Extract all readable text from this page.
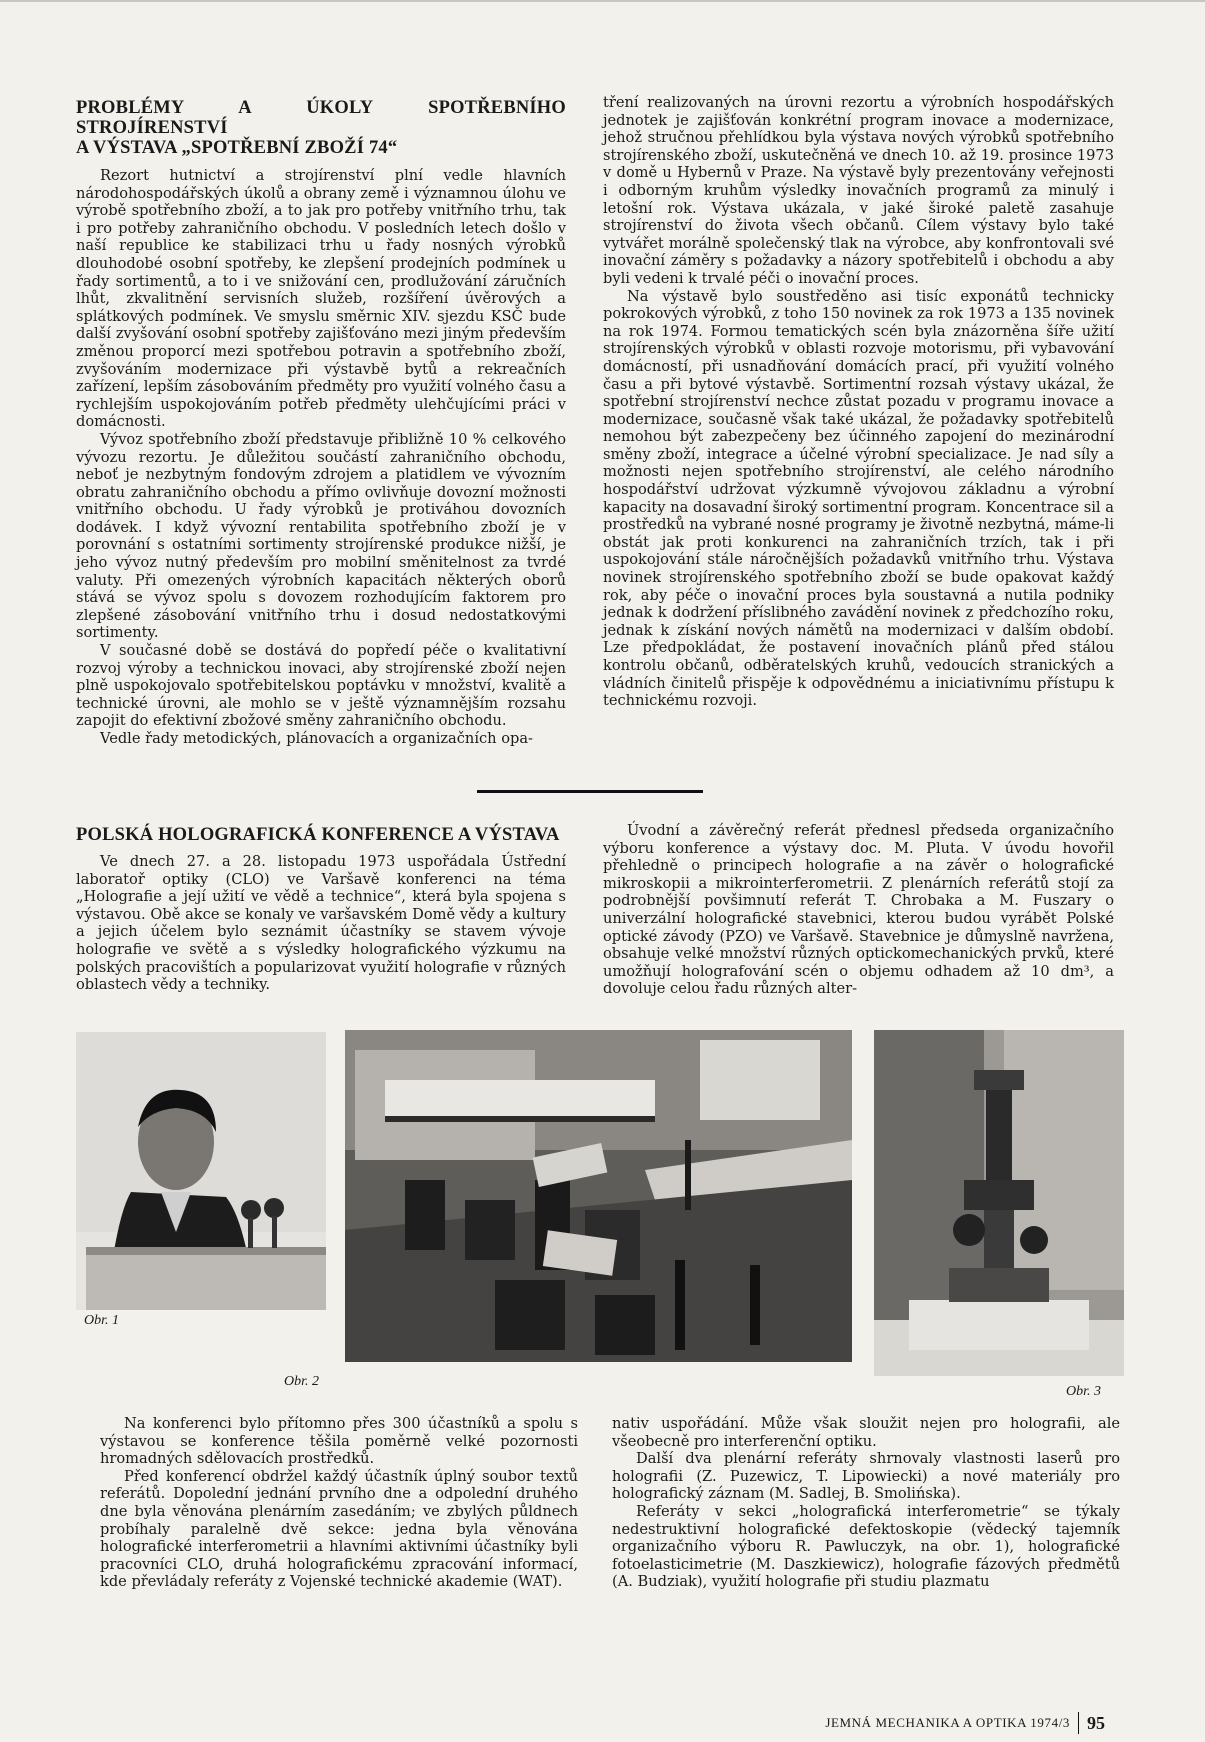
PROBLÉMY A ÚKOLY SPOTŘEBNÍHO STROJÍRENSTVÍ
A VÝSTAVA „SPOTŘEBNÍ ZBOŽÍ 74“

Rezort hutnictví a strojírenství plní vedle hlavních národohospodářských úkolů a obrany země i významnou úlohu ve výrobě spotřebního zboží, a to jak pro potřeby vnitřního trhu, tak i pro potřeby zahraničního obchodu. V posledních letech došlo v naší republice ke stabilizaci trhu u řady nosných výrobků dlouhodobé osobní spotřeby, ke zlepšení prodejních podmínek u řady sortimentů, a to i ve snižování cen, prodlužování záručních lhůt, zkvalitnění servisních služeb, rozšíření úvěrových a splátkových podmínek. Ve smyslu směrnic XIV. sjezdu KSČ bude další zvyšování osobní spotřeby zajišťováno mezi jiným především změnou proporcí mezi spotřebou potravin a spotřebního zboží, zvyšováním modernizace při výstavbě bytů a rekreačních zařízení, lepším zásobováním předměty pro využití volného času a rychlejším uspokojováním potřeb předměty ulehčujícími práci v domácnosti.

Vývoz spotřebního zboží představuje přibližně 10 % celkového vývozu rezortu. Je důležitou součástí zahraničního obchodu, neboť je nezbytným fondovým zdrojem a platidlem ve vývozním obratu zahraničního obchodu a přímo ovlivňuje dovozní možnosti vnitřního obchodu. U řady výrobků je protiváhou dovozních dodávek. I když vývozní rentabilita spotřebního zboží je v porovnání s ostatními sortimenty strojírenské produkce nižší, je jeho vývoz nutný především pro mobilní směnitelnost za tvrdé valuty. Při omezených výrobních kapacitách některých oborů stává se vývoz spolu s dovozem rozhodujícím faktorem pro zlepšené zásobování vnitřního trhu i dosud nedostatkovými sortimenty.

V současné době se dostává do popředí péče o kvalitativní rozvoj výroby a technickou inovaci, aby strojírenské zboží nejen plně uspokojovalo spotřebitelskou poptávku v množství, kvalitě a technické úrovni, ale mohlo se v ještě významnějším rozsahu zapojit do efektivní zbožové směny zahraničního obchodu.

Vedle řady metodických, plánovacích a organizačních opa-

tření realizovaných na úrovni rezortu a výrobních hospodářských jednotek je zajišťován konkrétní program inovace a modernizace, jehož stručnou přehlídkou byla výstava nových výrobků spotřebního strojírenského zboží, uskutečněná ve dnech 10. až 19. prosince 1973 v domě u Hybernů v Praze. Na výstavě byly prezentovány veřejnosti i odborným kruhům výsledky inovačních programů za minulý i letošní rok. Výstava ukázala, v jaké široké paletě zasahuje strojírenství do života všech občanů. Cílem výstavy bylo také vytvářet morálně společenský tlak na výrobce, aby konfrontovali své inovační záměry s požadavky a názory spotřebitelů i obchodu a aby byli vedeni k trvalé péči o inovační proces.

Na výstavě bylo soustředěno asi tisíc exponátů technicky pokrokových výrobků, z toho 150 novinek za rok 1973 a 135 novinek na rok 1974. Formou tematických scén byla znázorněna šíře užití strojírenských výrobků v oblasti rozvoje motorismu, při vybavování domácností, při usnadňování domácích prací, při využití volného času a při bytové výstavbě. Sortimentní rozsah výstavy ukázal, že spotřební strojírenství nechce zůstat pozadu v programu inovace a modernizace, současně však také ukázal, že požadavky spotřebitelů nemohou být zabezpečeny bez účinného zapojení do mezinárodní směny zboží, integrace a účelné výrobní specializace. Je nad síly a možnosti nejen spotřebního strojírenství, ale celého národního hospodářství udržovat výzkumně vývojovou základnu a výrobní kapacity na dosavadní široký sortimentní program. Koncentrace sil a prostředků na vybrané nosné programy je životně nezbytná, máme-li obstát jak proti konkurenci na zahraničních trzích, tak i při uspokojování stále náročnějších požadavků vnitřního trhu. Výstava novinek strojírenského spotřebního zboží se bude opakovat každý rok, aby péče o inovační proces byla soustavná a nutila podniky jednak k dodržení příslibného zavádění novinek z předchozího roku, jednak k získání nových námětů na modernizaci v dalším období. Lze předpokládat, že postavení inovačních plánů před stálou kontrolu občanů, odběratelských kruhů, vedoucích stranických a vládních činitelů přispěje k odpovědnému a iniciativnímu přístupu k technickému rozvoji.

POLSKÁ HOLOGRAFICKÁ KONFERENCE A VÝSTAVA

Ve dnech 27. a 28. listopadu 1973 uspořádala Ústřední laboratoř optiky (CLO) ve Varšavě konferenci na téma „Holografie a její užití ve vědě a technice“, která byla spojena s výstavou. Obě akce se konaly ve varšavském Domě vědy a kultury a jejich účelem bylo seznámit účastníky se stavem vývoje holografie ve světě a s výsledky holografického výzkumu na polských pracovištích a popularizovat využití holografie v různých oblastech vědy a techniky.

Úvodní a závěrečný referát přednesl předseda organizačního výboru konference a výstavy doc. M. Pluta. V úvodu hovořil přehledně o principech holografie a na závěr o holografické mikroskopii a mikrointerferometrii. Z plenárních referátů stojí za podrobnější povšimnutí referát T. Chrobaka a M. Fuszary o univerzální holografické stavebnici, kterou budou vyrábět Polské optické závody (PZO) ve Varšavě. Stavebnice je důmyslně navržena, obsahuje velké množství různých optickomechanických prvků, které umožňují holografování scén o objemu odhadem až 10 dm³, a dovoluje celou řadu různých alter-

Obr. 1
Obr. 2
Obr. 3

Na konferenci bylo přítomno přes 300 účastníků a spolu s výstavou se konference těšila poměrně velké pozornosti hromadných sdělovacích prostředků.

Před konferencí obdržel každý účastník úplný soubor textů referátů. Dopolední jednání prvního dne a odpolední druhého dne byla věnována plenárním zasedáním; ve zbylých půldnech probíhaly paralelně dvě sekce: jedna byla věnována holografické interferometrii a hlavními aktivními účastníky byli pracovníci CLO, druhá holografickému zpracování informací, kde převládaly referáty z Vojenské technické akademie (WAT).

nativ uspořádání. Může však sloužit nejen pro holografii, ale všeobecně pro interferenční optiku.

Další dva plenární referáty shrnovaly vlastnosti laserů pro holografii (Z. Puzewicz, T. Lipowiecki) a nové materiály pro holografický záznam (M. Sadlej, B. Smolińska).

Referáty v sekci „holografická interferometrie“ se týkaly nedestruktivní holografické defektoskopie (vědecký tajemník organizačního výboru R. Pawluczyk, na obr. 1), holografické fotoelasticimetrie (M. Daszkiewicz), holografie fázových předmětů (A. Budziak), využití holografie při studiu plazmatu

JEMNÁ MECHANIKA A OPTIKA 1974/3 95
